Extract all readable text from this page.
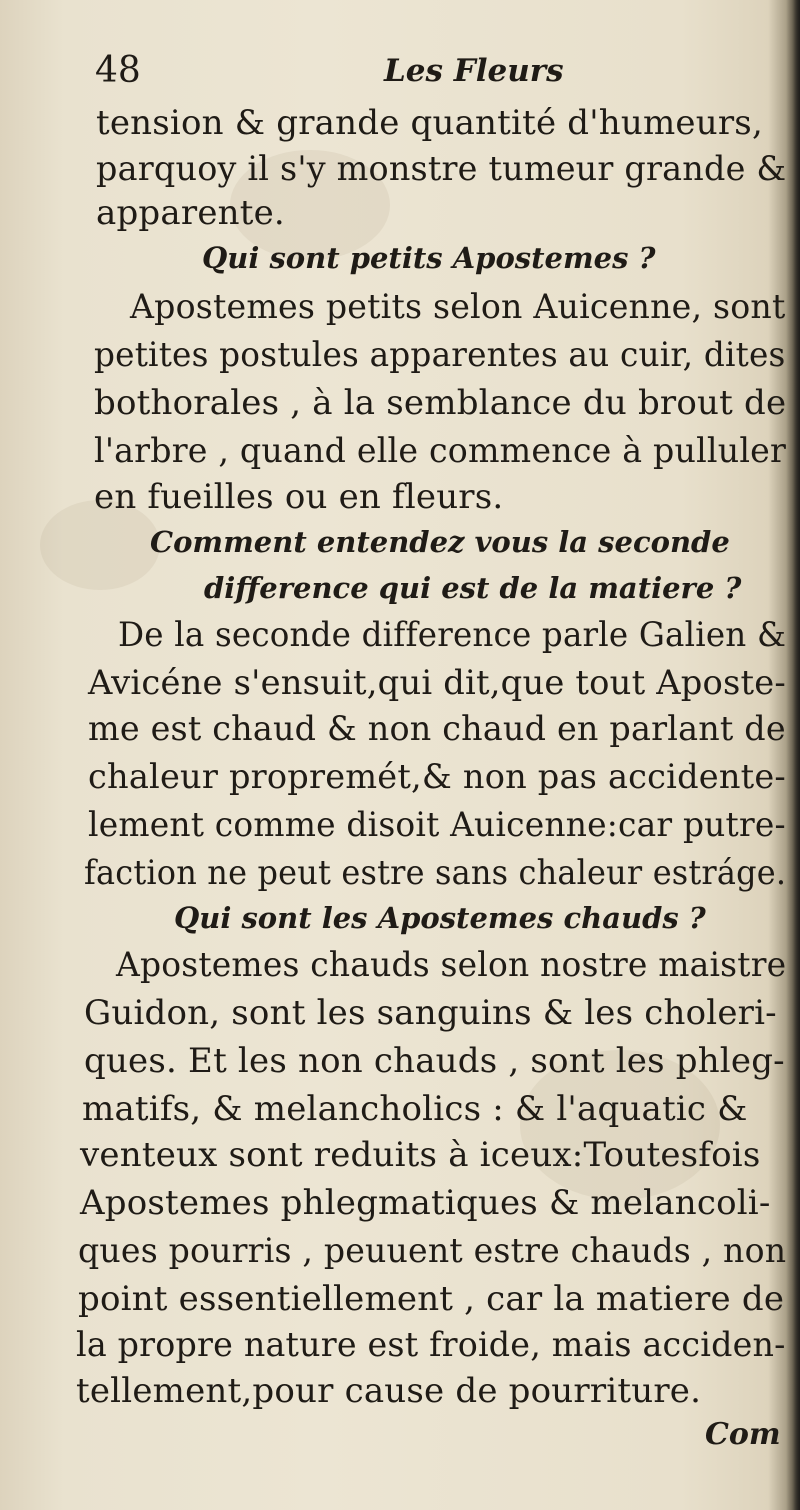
48	Les Fleurs
tension & grande quantité d'humeurs,
parquoy il s'y monstre tumeur grande &
apparente.
Qui sont petits Apostemes ?
Apostemes petits selon Auicenne, sont
petites postules apparentes au cuir, dites
bothorales , à la semblance du brout de
l'arbre , quand elle commence à pulluler
en fueilles ou en fleurs.
Comment entendez vous la seconde
difference qui est de la matiere ?
De la seconde difference parle Galien &
Avicéne s'ensuit,qui dit,que tout Aposte-
me est chaud & non chaud en parlant de
chaleur propremét,& non pas accidente-
lement comme disoit Auicenne:car putre-
faction ne peut estre sans chaleur estráge.
Qui sont les Apostemes chauds ?
Apostemes chauds selon nostre maistre
Guidon, sont les sanguins & les choleri-
ques. Et les non chauds , sont les phleg-
matifs, & melancholics : & l'aquatic &
venteux sont reduits à iceux:Toutesfois
Apostemes phlegmatiques & melancoli-
ques pourris , peuuent estre chauds , non
point essentiellement , car la matiere de
la propre nature est froide, mais acciden-
tellement,pour cause de pourriture.
Com
